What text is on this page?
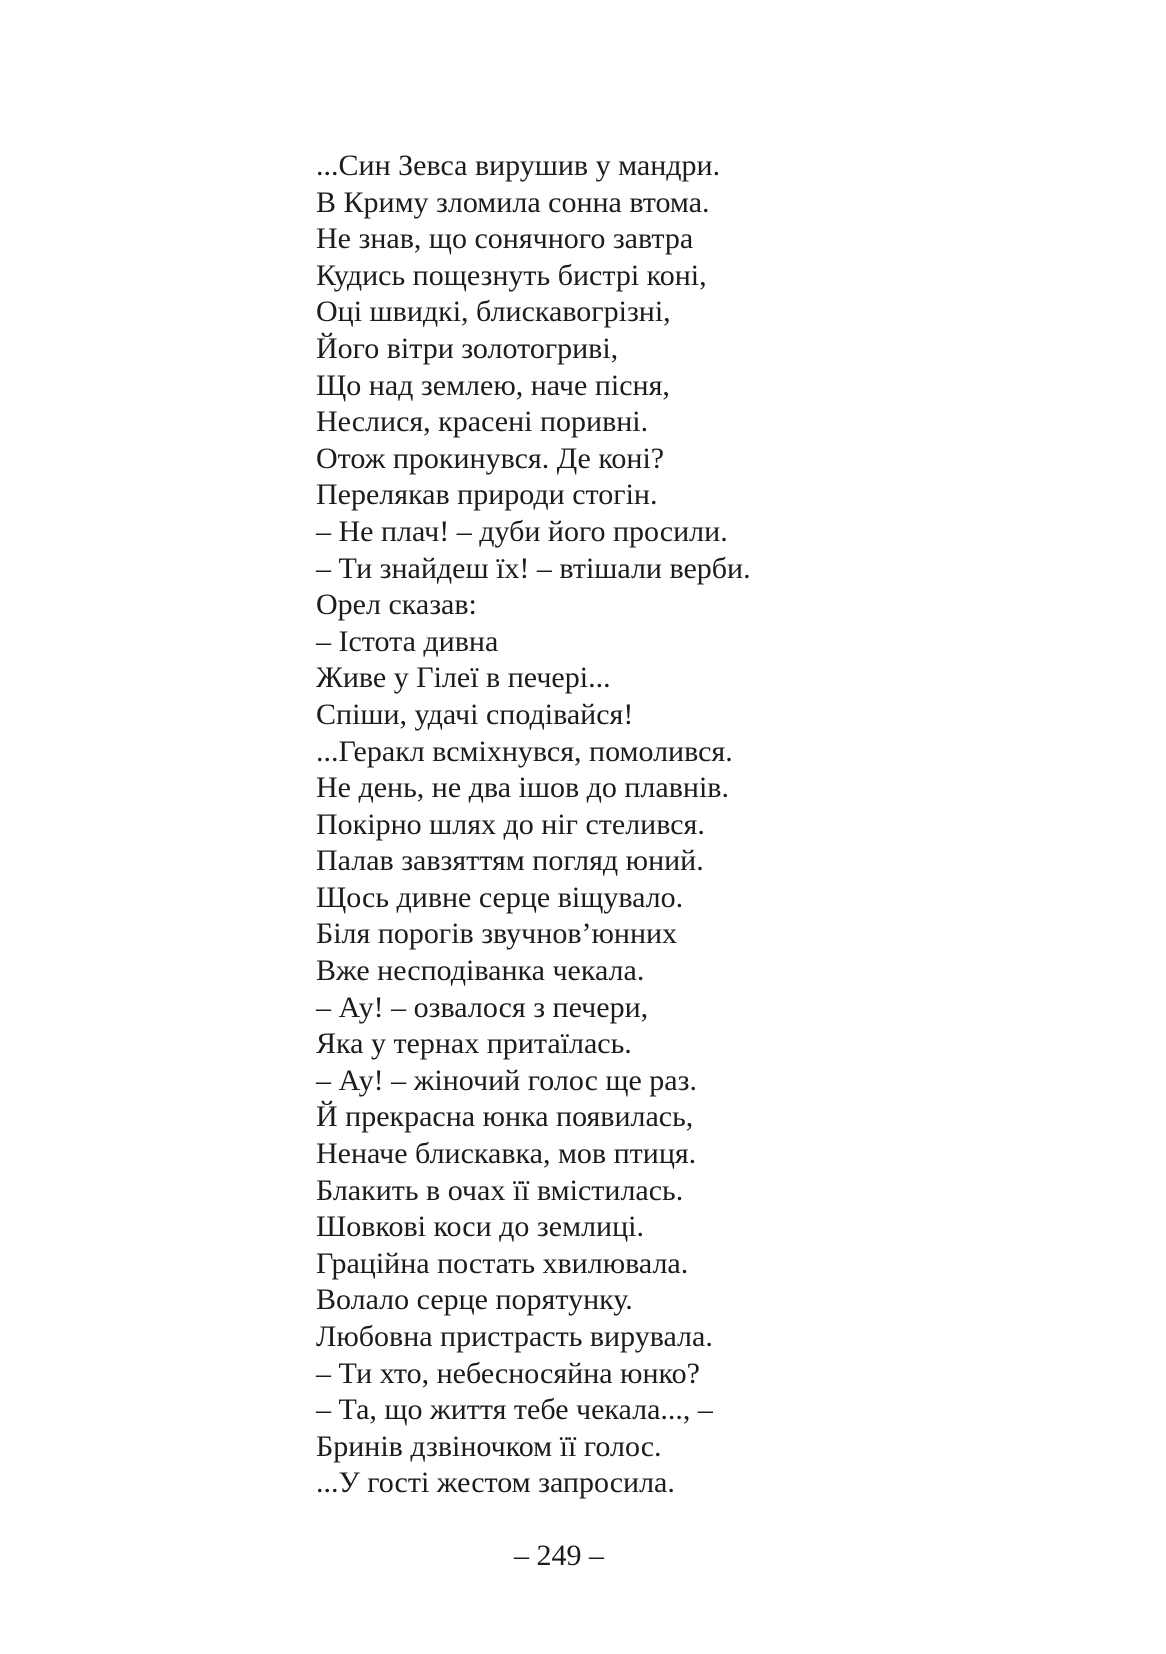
...Син Зевса вирушив у мандри.
В Криму зломила сонна втома.
Не знав, що сонячного завтра
Кудись пощезнуть бистрі коні,
Оці швидкі, блискавогрізні,
Його вітри золотогриві,
Що над землею, наче пісня,
Неслися, красені поривні.
Отож прокинувся. Де коні?
Перелякав природи стогін.
– Не плач! – дуби його просили.
– Ти знайдеш їх! – втішали верби.
Орел сказав:
– Істота дивна
Живе у Гілеї в печері...
Спіши, удачі сподівайся!
...Геракл всміхнувся, помолився.
Не день, не два ішов до плавнів.
Покірно шлях до ніг стелився.
Палав завзяттям погляд юний.
Щось дивне серце віщувало.
Біля порогів звучнов’юнних
Вже несподіванка чекала.
– Ау! – озвалося з печери,
Яка у тернах притаїлась.
– Ау! – жіночий голос ще раз.
Й прекрасна юнка появилась,
Неначе блискавка, мов птиця.
Блакить в очах її вмістилась.
Шовкові коси до землиці.
Граційна постать хвилювала.
Волало серце порятунку.
Любовна пристрасть вирувала.
– Ти хто, небесносяйна юнко?
– Та, що життя тебе чекала..., –
Бринів дзвіночком її голос.
...У гості жестом запросила.
– 249 –
